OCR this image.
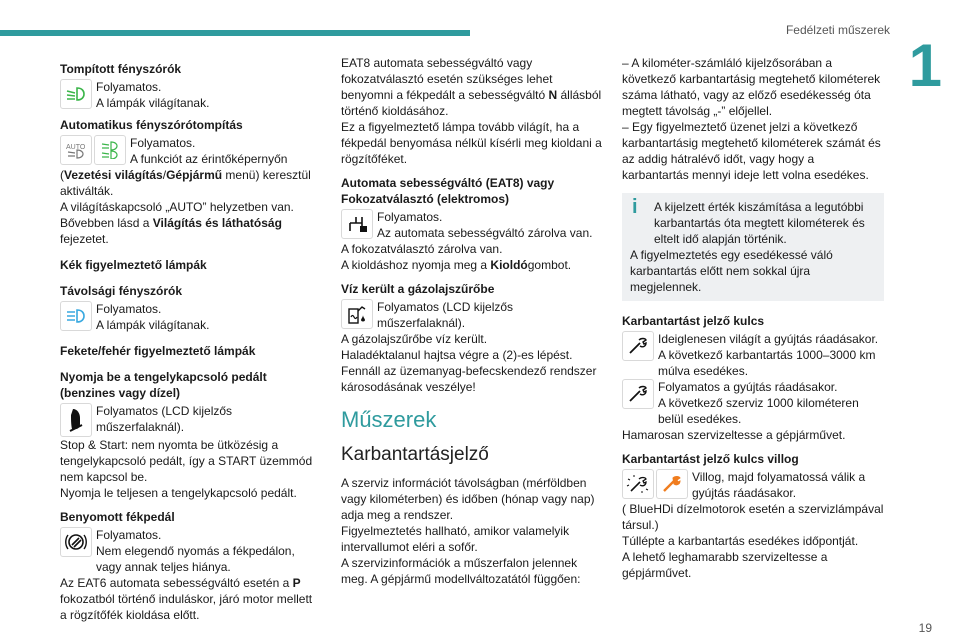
Fedélzeti műszerek
1
Tompított fényszórók

Folyamatos.

A lámpák világítanak.

Automatikus fényszórótompítás
AUTO	Folyamatos.

A funkciót az érintőképernyőn

(Vezetési világítás/Gépjármű menü) keresztül aktiválták.

A világításkapcsoló „AUTO” helyzetben van.

Bővebben lásd a Világítás és láthatóság fejezetet.

Kék figyelmeztető lámpák
Távolsági fényszórók

Folyamatos.

A lámpák világítanak.

Fekete/fehér figyelmeztető lámpák
Nyomja be a tengelykapcsoló pedált (benzines vagy dízel)

Folyamatos (LCD kijelzős műszerfalaknál).

Stop & Start: nem nyomta be ütközésig a tengelykapcsoló pedált, így a START üzemmód nem kapcsol be.

Nyomja le teljesen a tengelykapcsoló pedált.

Benyomott fékpedál

Folyamatos.

Nem elegendő nyomás a fékpedálon, vagy annak teljes hiánya.

Az EAT6 automata sebességváltó esetén a P fokozatból történő induláskor, járó motor mellett a rögzítőfék kioldása előtt.

EAT8 automata sebességváltó vagy fokozatválasztó esetén szükséges lehet benyomni a fékpedált a sebességváltó N állásból történő kioldásához.

Ez a figyelmeztető lámpa tovább világít, ha a fékpedál benyomása nélkül kísérli meg kioldani a rögzítőféket.

Automata sebességváltó (EAT8) vagy Fokozatválasztó (elektromos)

Folyamatos.

Az automata sebességváltó zárolva van.

A fokozatválasztó zárolva van.

A kioldáshoz nyomja meg a Kioldógombot.

Víz került a gázolajszűrőbe

Folyamatos (LCD kijelzős műszerfalaknál).

A gázolajszűrőbe víz került.

Haladéktalanul hajtsa végre a (2)-es lépést.

Fennáll az üzemanyag-befecskendező rendszer károsodásának veszélye!

Műszerek
Karbantartásjelző

A szerviz információt távolságban (mérföldben vagy kilométerben) és időben (hónap vagy nap) adja meg a rendszer.

Figyelmeztetés hallható, amikor valamelyik intervallumot eléri a sofőr.

A szervizinformációk a műszerfalon jelennek meg. A gépjármű modellváltozatától függően:

– A kilométer-számláló kijelzősorában a következő karbantartásig megtehető kilométerek száma látható, vagy az előző esedékesség óta megtett távolság „-” előjellel.

– Egy figyelmeztető üzenet jelzi a következő karbantartásig megtehető kilométerek számát és az addig hátralévő időt, vagy hogy a karbantartás mennyi ideje lett volna esedékes.

i	A kijelzett érték kiszámítása a legutóbbi karbantartás óta megtett kilométerek és eltelt idő alapján történik.

A figyelmeztetés egy esedékessé váló karbantartás előtt nem sokkal újra megjelennek.

Karbantartást jelző kulcs

Ideiglenesen világít a gyújtás ráadásakor.

A következő karbantartás 1000–3000 km múlva esedékes.

Folyamatos a gyújtás ráadásakor.

A következő szerviz 1000 kilométeren belül esedékes.

Hamarosan szervizeltesse a gépjárművet.

Karbantartást jelző kulcs villog

Villog, majd folyamatossá válik a gyújtás ráadásakor.

( BlueHDi dízelmotorok esetén a szervizlámpával társul.)

Túllépte a karbantartás esedékes időpontját.

A lehető leghamarabb szervizeltesse a gépjárművet.

19
